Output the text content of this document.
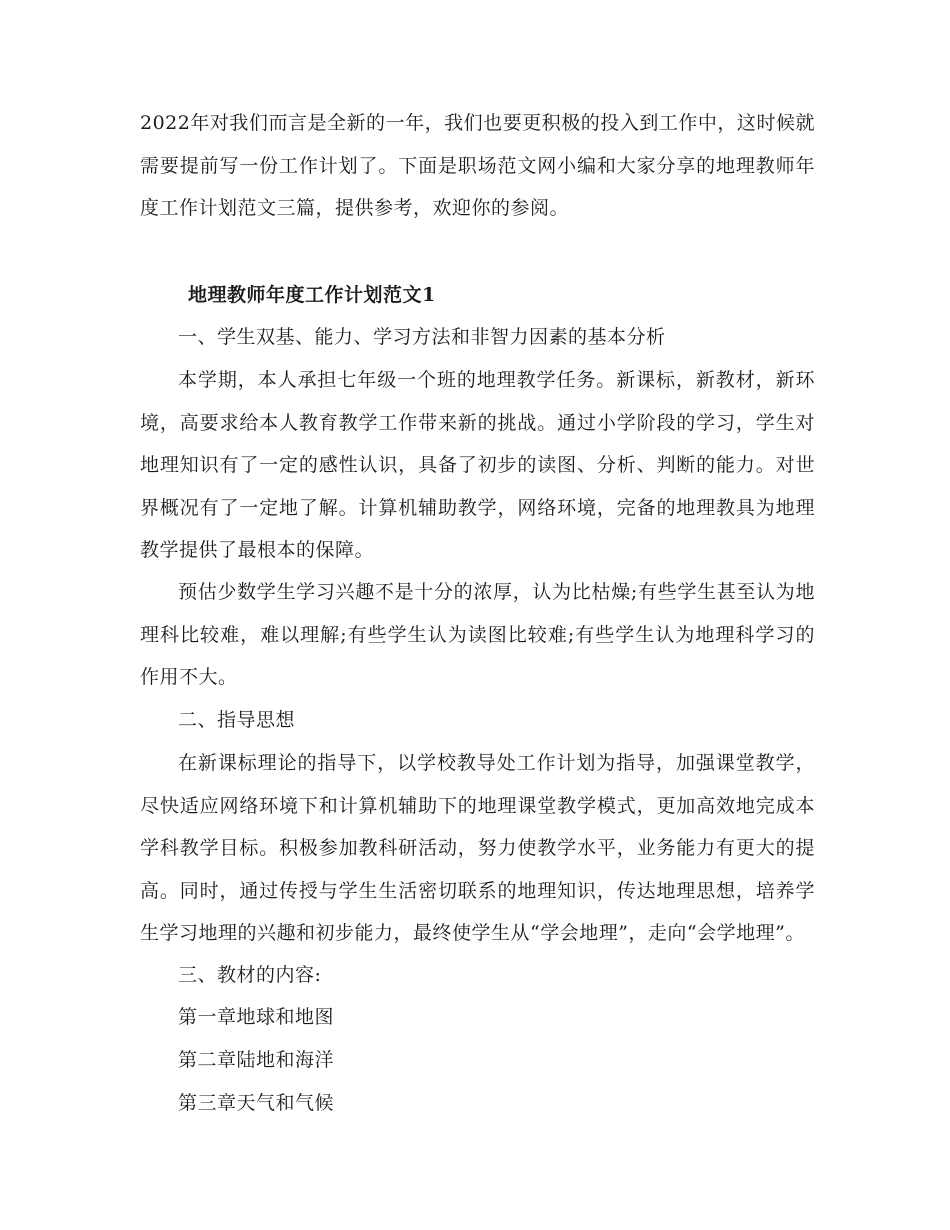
2022年对我们而言是全新的一年，我们也要更积极的投入到工作中，这时候就需要提前写一份工作计划了。下面是职场范文网小编和大家分享的地理教师年度工作计划范文三篇，提供参考，欢迎你的参阅。

地理教师年度工作计划范文1

一、学生双基、能力、学习方法和非智力因素的基本分析

本学期，本人承担七年级一个班的地理教学任务。新课标，新教材，新环境，高要求给本人教育教学工作带来新的挑战。通过小学阶段的学习，学生对地理知识有了一定的感性认识，具备了初步的读图、分析、判断的能力。对世界概况有了一定地了解。计算机辅助教学，网络环境，完备的地理教具为地理教学提供了最根本的保障。

预估少数学生学习兴趣不是十分的浓厚，认为比枯燥;有些学生甚至认为地理科比较难，难以理解;有些学生认为读图比较难;有些学生认为地理科学习的作用不大。

二、指导思想

在新课标理论的指导下，以学校教导处工作计划为指导，加强课堂教学，尽快适应网络环境下和计算机辅助下的地理课堂教学模式，更加高效地完成本学科教学目标。积极参加教科研活动，努力使教学水平，业务能力有更大的提高。同时，通过传授与学生生活密切联系的地理知识，传达地理思想，培养学生学习地理的兴趣和初步能力，最终使学生从“学会地理”，走向“会学地理”。

三、教材的内容:

第一章地球和地图

第二章陆地和海洋

第三章天气和气候
